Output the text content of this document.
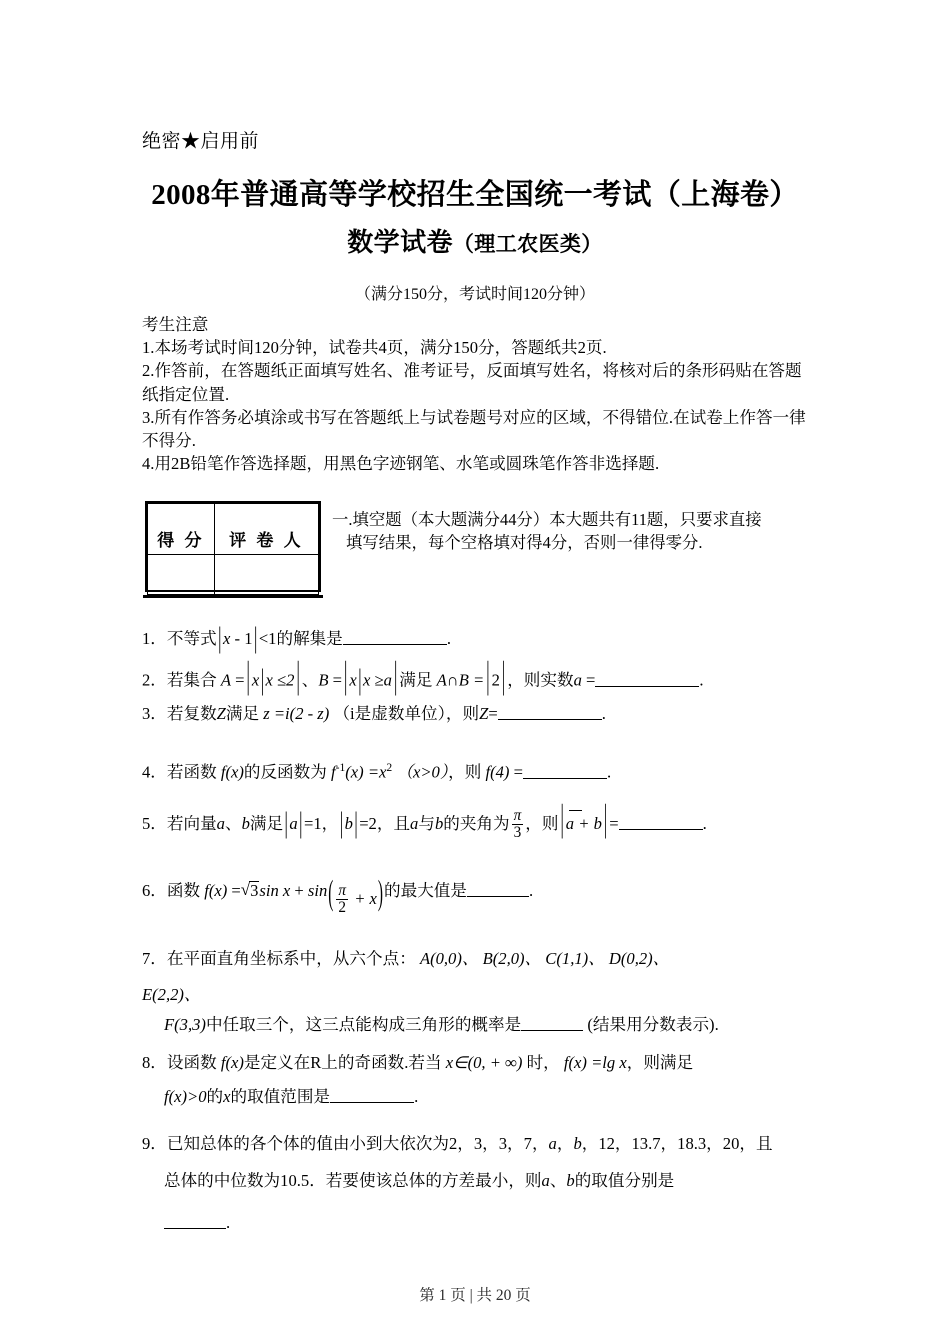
绝密★启用前
2008年普通高等学校招生全国统一考试（上海卷）
数学试卷（理工农医类）
（满分150分，考试时间120分钟）

考生注意

1.本场考试时间120分钟，试卷共4页，满分150分，答题纸共2页.

2.作答前，在答题纸正面填写姓名、准考证号，反面填写姓名，将核对后的条形码贴在答题纸指定位置.

3.所有作答务必填涂或书写在答题纸上与试卷题号对应的区域，不得错位.在试卷上作答一律不得分.

4.用2B铅笔作答选择题，用黑色字迹钢笔、水笔或圆珠笔作答非选择题.

得 分	评 卷 人

一.填空题（本大题满分44分）本大题共有11题，只要求直接
填写结果，每个空格填对得4分，否则一律得零分.
1．不等式|x - 1|<1的解集是	.
2．若集合 A = | x|x ≤2 | 、B = | x|x ≥a | 满足 A∩B = | 2 | ，则实数a =	.
3．若复数Z满足 z =i(2 - z) （i是虚数单位），则Z=	.
4．若函数 f(x)的反函数为 $f^{-1}(x) =x^2$ （x>0），则 f(4) =	.
5．若向量a、b满足|a|=1，|b|=2，且a与b的夹角为 $\frac{\pi}{3}$ ，则 | a + b | =	.
6．函数 f(x) = √ 3sin $x + \sin( \frac{\pi}{2} + x)$的最大值是	.
7．在平面直角坐标系中，从六个点： A(0,0)、 B(2,0)、 C(1,1)、 D(0,2)、
E(2,2)、
F(3,3)中任取三个，这三点能构成三角形的概率是	(结果用分数表示).
8．设函数 f(x)是定义在R上的奇函数.若当 x∈(0, + ∞) 时， f(x) =lg x，则满足
f(x)>0的x的取值范围是	.
9．已知总体的各个体的值由小到大依次为2，3，3，7，a，b，12，13.7，18.3，20，且
总体的中位数为10.5．若要使该总体的方差最小，则a、b的取值分别是
.
第 1 页 | 共 20 页
